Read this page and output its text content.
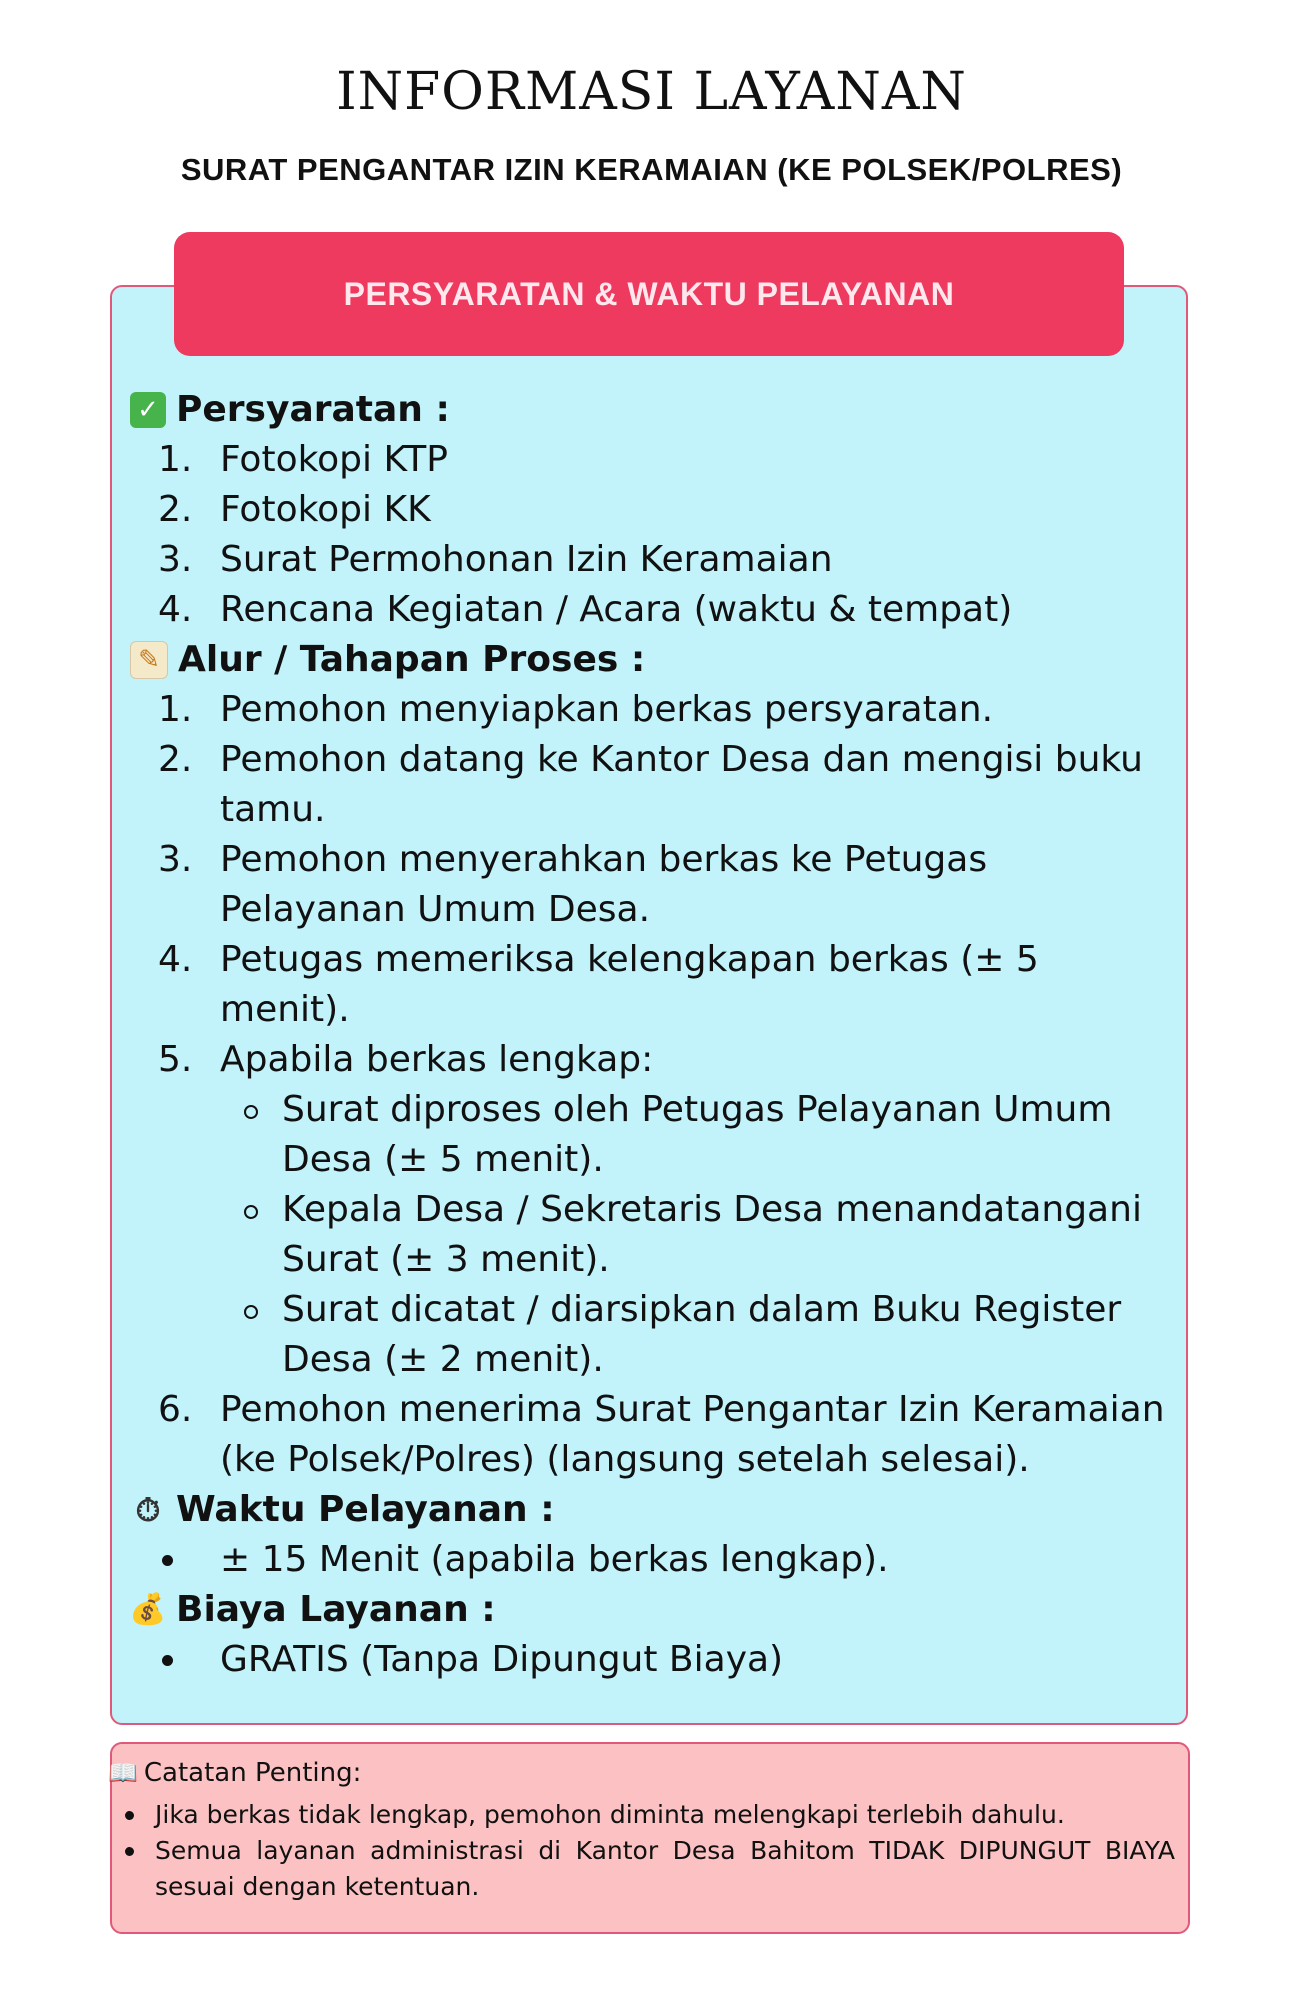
INFORMASI LAYANAN
SURAT PENGANTAR IZIN KERAMAIAN (KE POLSEK/POLRES)
PERSYARATAN & WAKTU PELAYANAN
✓ Persyaratan :
1. Fotokopi KTP
2. Fotokopi KK
3. Surat Permohonan Izin Keramaian
4. Rencana Kegiatan / Acara (waktu & tempat)
✎ Alur / Tahapan Proses :
1. Pemohon menyiapkan berkas persyaratan.
2. Pemohon datang ke Kantor Desa dan mengisi buku tamu.
3. Pemohon menyerahkan berkas ke Petugas Pelayanan Umum Desa.
4. Petugas memeriksa kelengkapan berkas (± 5 menit).
5. Apabila berkas lengkap:
Surat diproses oleh Petugas Pelayanan Umum Desa (± 5 menit).
Kepala Desa / Sekretaris Desa menandatangani Surat (± 3 menit).
Surat dicatat / diarsipkan dalam Buku Register Desa (± 2 menit).
6. Pemohon menerima Surat Pengantar Izin Keramaian (ke Polsek/Polres) (langsung setelah selesai).
⏱ Waktu Pelayanan :
± 15 Menit (apabila berkas lengkap).
💰 Biaya Layanan :
GRATIS (Tanpa Dipungut Biaya)
📖 Catatan Penting:
Jika berkas tidak lengkap, pemohon diminta melengkapi terlebih dahulu.
Semua layanan administrasi di Kantor Desa Bahitom TIDAK DIPUNGUT BIAYA sesuai dengan ketentuan.
